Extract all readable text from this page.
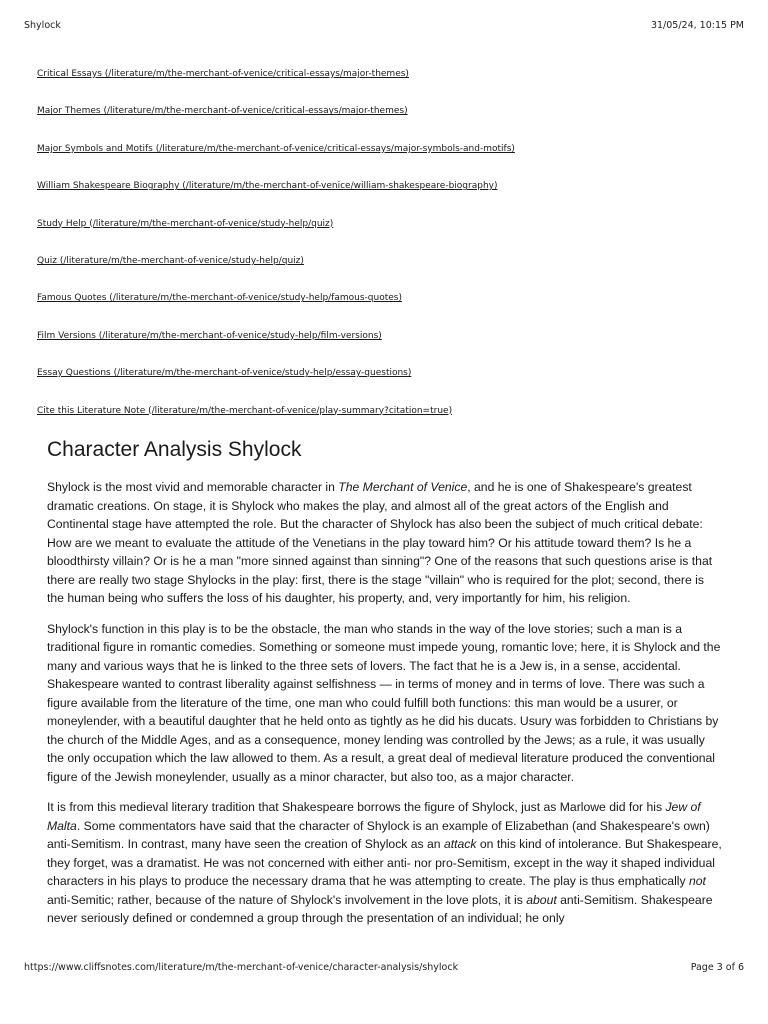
Shylock	31/05/24, 10:15 PM
Critical Essays (/literature/m/the-merchant-of-venice/critical-essays/major-themes)
Major Themes (/literature/m/the-merchant-of-venice/critical-essays/major-themes)
Major Symbols and Motifs (/literature/m/the-merchant-of-venice/critical-essays/major-symbols-and-motifs)
William Shakespeare Biography (/literature/m/the-merchant-of-venice/william-shakespeare-biography)
Study Help (/literature/m/the-merchant-of-venice/study-help/quiz)
Quiz (/literature/m/the-merchant-of-venice/study-help/quiz)
Famous Quotes (/literature/m/the-merchant-of-venice/study-help/famous-quotes)
Film Versions (/literature/m/the-merchant-of-venice/study-help/film-versions)
Essay Questions (/literature/m/the-merchant-of-venice/study-help/essay-questions)
Cite this Literature Note (/literature/m/the-merchant-of-venice/play-summary?citation=true)
Character Analysis Shylock

Shylock is the most vivid and memorable character in The Merchant of Venice, and he is one of Shakespeare's greatest dramatic creations. On stage, it is Shylock who makes the play, and almost all of the great actors of the English and Continental stage have attempted the role. But the character of Shylock has also been the subject of much critical debate: How are we meant to evaluate the attitude of the Venetians in the play toward him? Or his attitude toward them? Is he a bloodthirsty villain? Or is he a man "more sinned against than sinning"? One of the reasons that such questions arise is that there are really two stage Shylocks in the play: first, there is the stage "villain" who is required for the plot; second, there is the human being who suffers the loss of his daughter, his property, and, very importantly for him, his religion.

Shylock's function in this play is to be the obstacle, the man who stands in the way of the love stories; such a man is a traditional figure in romantic comedies. Something or someone must impede young, romantic love; here, it is Shylock and the many and various ways that he is linked to the three sets of lovers. The fact that he is a Jew is, in a sense, accidental. Shakespeare wanted to contrast liberality against selfishness — in terms of money and in terms of love. There was such a figure available from the literature of the time, one man who could fulfill both functions: this man would be a usurer, or moneylender, with a beautiful daughter that he held onto as tightly as he did his ducats. Usury was forbidden to Christians by the church of the Middle Ages, and as a consequence, money lending was controlled by the Jews; as a rule, it was usually the only occupation which the law allowed to them. As a result, a great deal of medieval literature produced the conventional figure of the Jewish moneylender, usually as a minor character, but also too, as a major character.

It is from this medieval literary tradition that Shakespeare borrows the figure of Shylock, just as Marlowe did for his Jew of Malta. Some commentators have said that the character of Shylock is an example of Elizabethan (and Shakespeare's own) anti-Semitism. In contrast, many have seen the creation of Shylock as an attack on this kind of intolerance. But Shakespeare, they forget, was a dramatist. He was not concerned with either anti- nor pro-Semitism, except in the way it shaped individual characters in his plays to produce the necessary drama that he was attempting to create. The play is thus emphatically not anti-Semitic; rather, because of the nature of Shylock's involvement in the love plots, it is about anti-Semitism. Shakespeare never seriously defined or condemned a group through the presentation of an individual; he only

https://www.cliffsnotes.com/literature/m/the-merchant-of-venice/character-analysis/shylock	Page 3 of 6
